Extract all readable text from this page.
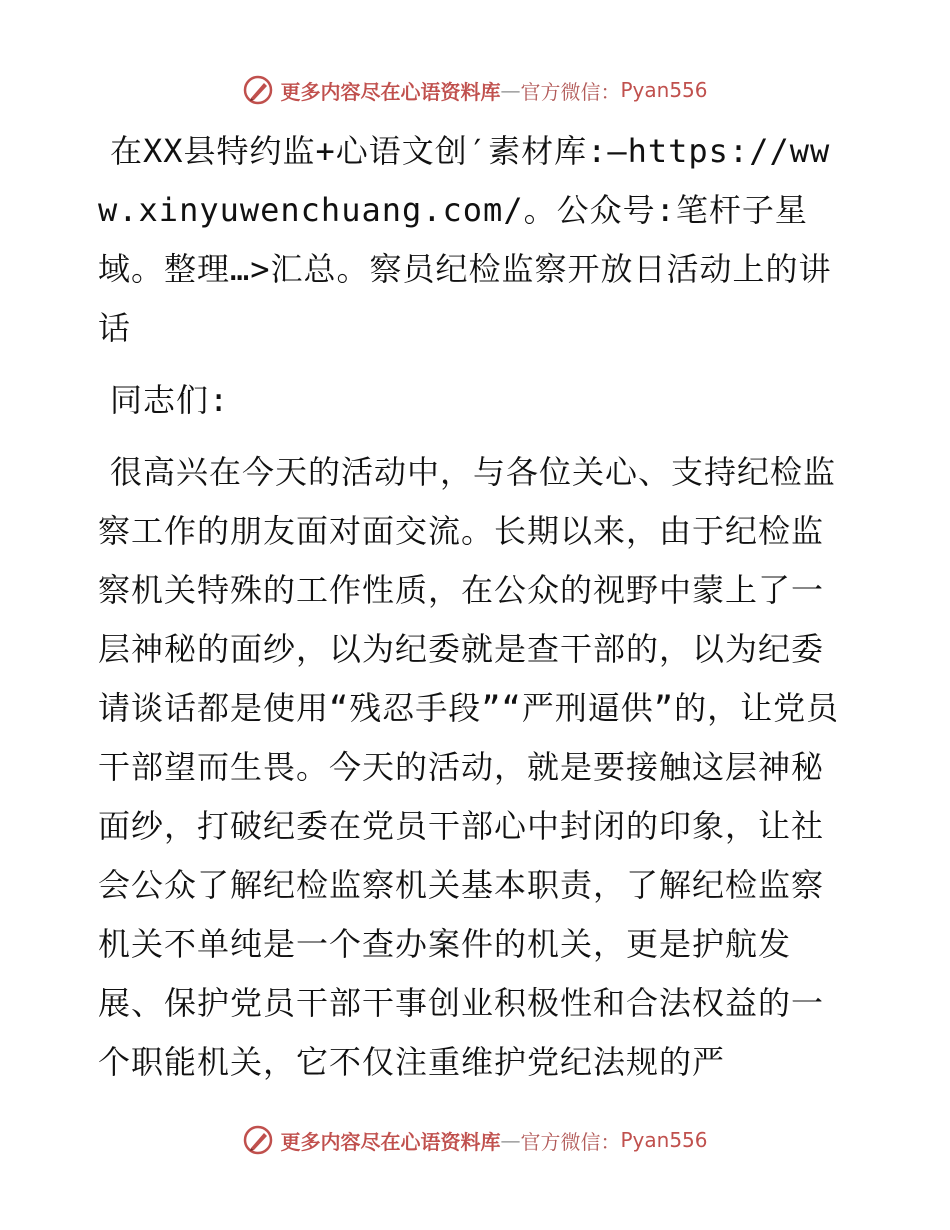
更多内容尽在心语资料库 — 官方微信： Pyan556

在XX县特约监+心语文创′素材库:—https://www.xinyuwenchuang.com/。公众号:笔杆子星域。整理…>汇总。察员纪检监察开放日活动上的讲话

同志们:

很高兴在今天的活动中，与各位关心、支持纪检监察工作的朋友面对面交流。长期以来，由于纪检监察机关特殊的工作性质，在公众的视野中蒙上了一层神秘的面纱，以为纪委就是查干部的，以为纪委请谈话都是使用“残忍手段”“严刑逼供”的，让党员干部望而生畏。今天的活动，就是要接触这层神秘面纱，打破纪委在党员干部心中封闭的印象，让社会公众了解纪检监察机关基本职责，了解纪检监察机关不单纯是一个查办案件的机关，更是护航发展、保护党员干部干事创业积极性和合法权益的一个职能机关，它不仅注重维护党纪法规的严

更多内容尽在心语资料库 — 官方微信： Pyan556
